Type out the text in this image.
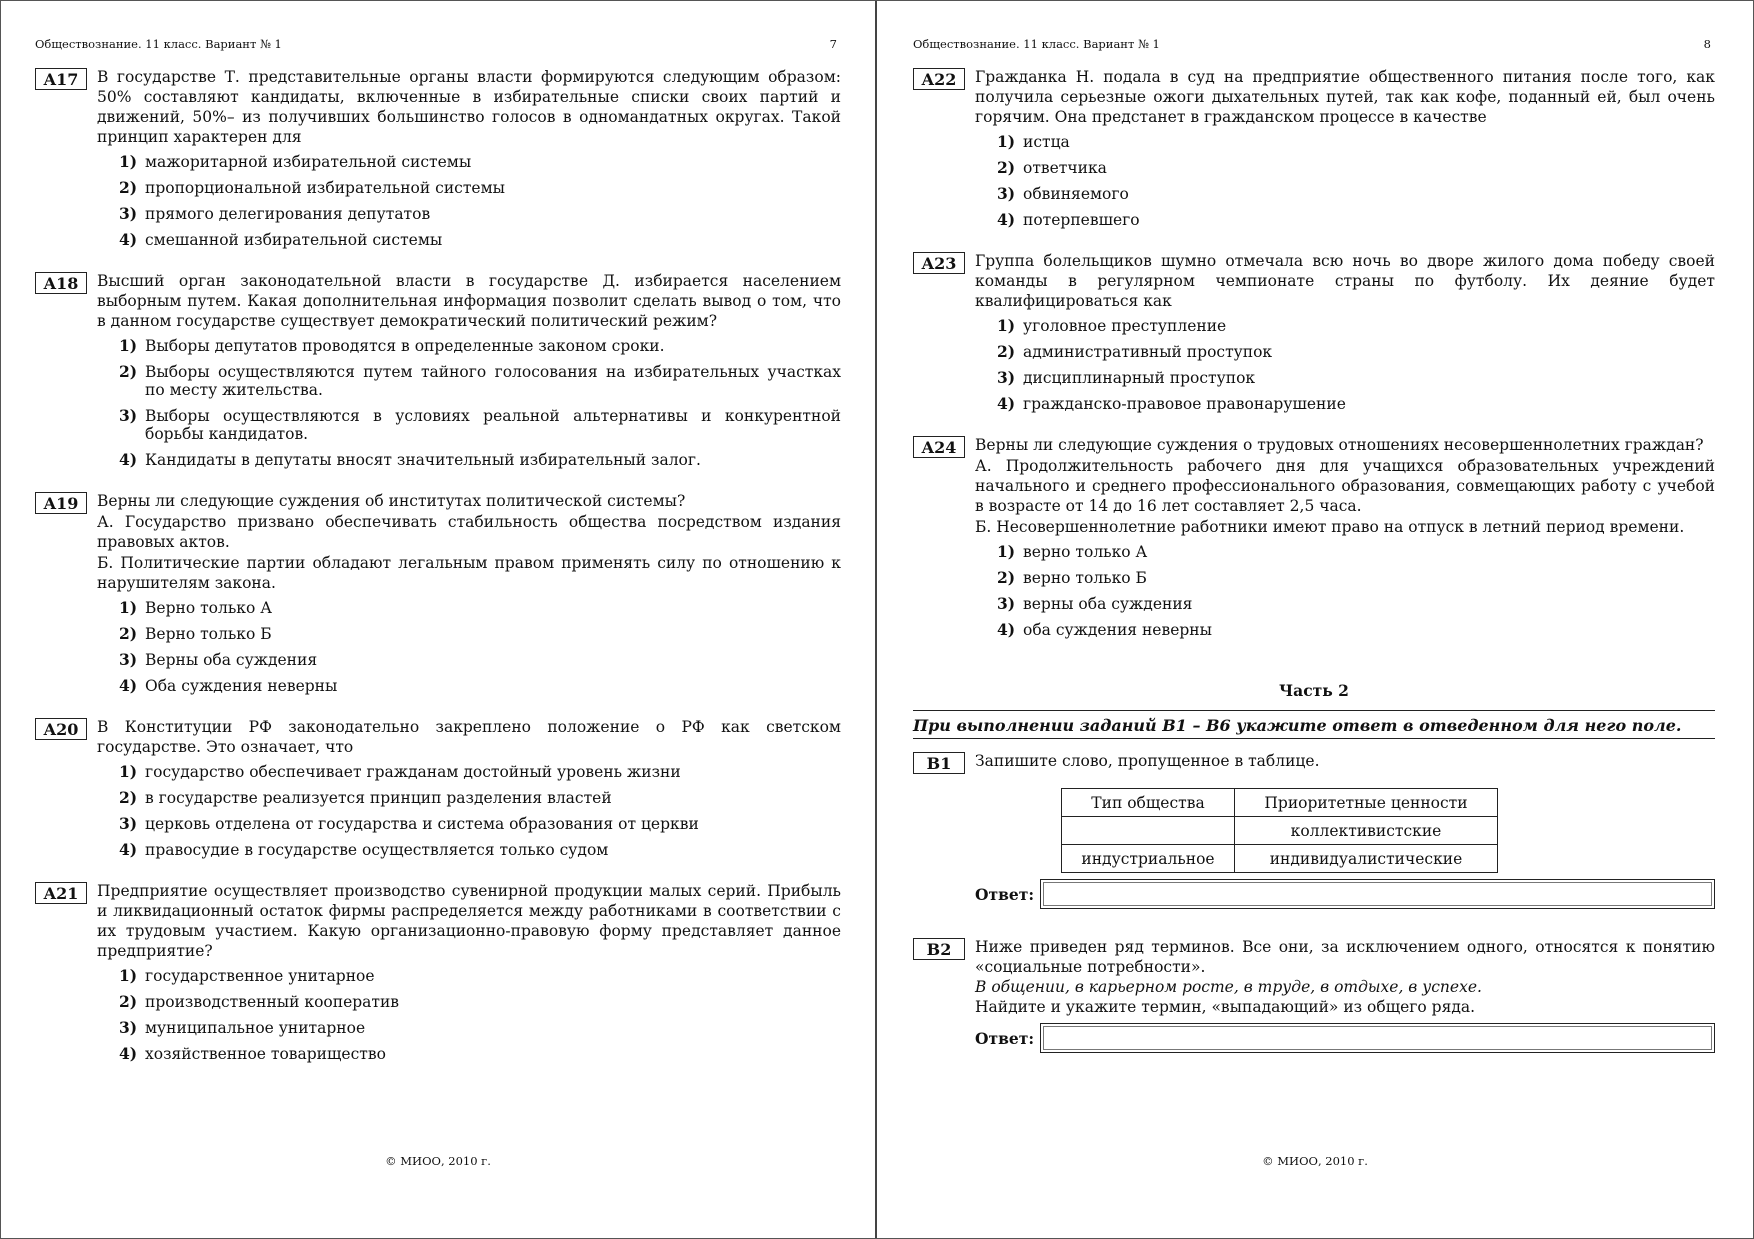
Обществознание. 11 класс. Вариант № 1	7
A17	В государстве Т. представительные органы власти формируются следующим образом: 50% составляют кандидаты, включенные в избирательные списки своих партий и движений, 50%– из получивших большинство голосов в одномандатных округах. Такой принцип характерен для
1) мажоритарной избирательной системы
2) пропорциональной избирательной системы
3) прямого делегирования депутатов
4) смешанной избирательной системы
A18	Высший орган законодательной власти в государстве Д. избирается населением выборным путем. Какая дополнительная информация позволит сделать вывод о том, что в данном государстве существует демократический политический режим?
1) Выборы депутатов проводятся в определенные законом сроки.
2) Выборы осуществляются путем тайного голосования на избирательных участках по месту жительства.
3) Выборы осуществляются в условиях реальной альтернативы и конкурентной борьбы кандидатов.
4) Кандидаты в депутаты вносят значительный избирательный залог.
A19	Верны ли следующие суждения об институтах политической системы?
А. Государство призвано обеспечивать стабильность общества посредством издания правовых актов.
Б. Политические партии обладают легальным правом применять силу по отношению к нарушителям закона.
1) Верно только А
2) Верно только Б
3) Верны оба суждения
4) Оба суждения неверны
A20	В Конституции РФ законодательно закреплено положение о РФ как светском государстве. Это означает, что
1) государство обеспечивает гражданам достойный уровень жизни
2) в государстве реализуется принцип разделения властей
3) церковь отделена от государства и система образования от церкви
4) правосудие в государстве осуществляется только судом
A21	Предприятие осуществляет производство сувенирной продукции малых серий. Прибыль и ликвидационный остаток фирмы распределяется между работниками в соответствии с их трудовым участием. Какую организационно-правовую форму представляет данное предприятие?
1) государственное унитарное
2) производственный кооператив
3) муниципальное унитарное
4) хозяйственное товарищество
© МИОО, 2010 г.
Обществознание. 11 класс. Вариант № 1	8
A22	Гражданка Н. подала в суд на предприятие общественного питания после того, как получила серьезные ожоги дыхательных путей, так как кофе, поданный ей, был очень горячим. Она предстанет в гражданском процессе в качестве
1) истца
2) ответчика
3) обвиняемого
4) потерпевшего
A23	Группа болельщиков шумно отмечала всю ночь во дворе жилого дома победу своей команды в регулярном чемпионате страны по футболу. Их деяние будет квалифицироваться как
1) уголовное преступление
2) административный проступок
3) дисциплинарный проступок
4) гражданско-правовое правонарушение
A24	Верны ли следующие суждения о трудовых отношениях несовершеннолетних граждан?
А. Продолжительность рабочего дня для учащихся образовательных учреждений начального и среднего профессионального образования, совмещающих работу с учебой в возрасте от 14 до 16 лет составляет 2,5 часа.
Б. Несовершеннолетние работники имеют право на отпуск в летний период времени.
1) верно только А
2) верно только Б
3) верны оба суждения
4) оба суждения неверны
Часть 2
При выполнении заданий В1 – В6 укажите ответ в отведенном для него поле.
B1	Запишите слово, пропущенное в таблице.
Тип общества	Приоритетные ценности
	коллективистские
индустриальное	индивидуалистические
Ответ:
B2	Ниже приведен ряд терминов. Все они, за исключением одного, относятся к понятию «социальные потребности».
В общении, в карьерном росте, в труде, в отдыхе, в успехе.
Найдите и укажите термин, «выпадающий» из общего ряда.
Ответ:
© МИОО, 2010 г.
